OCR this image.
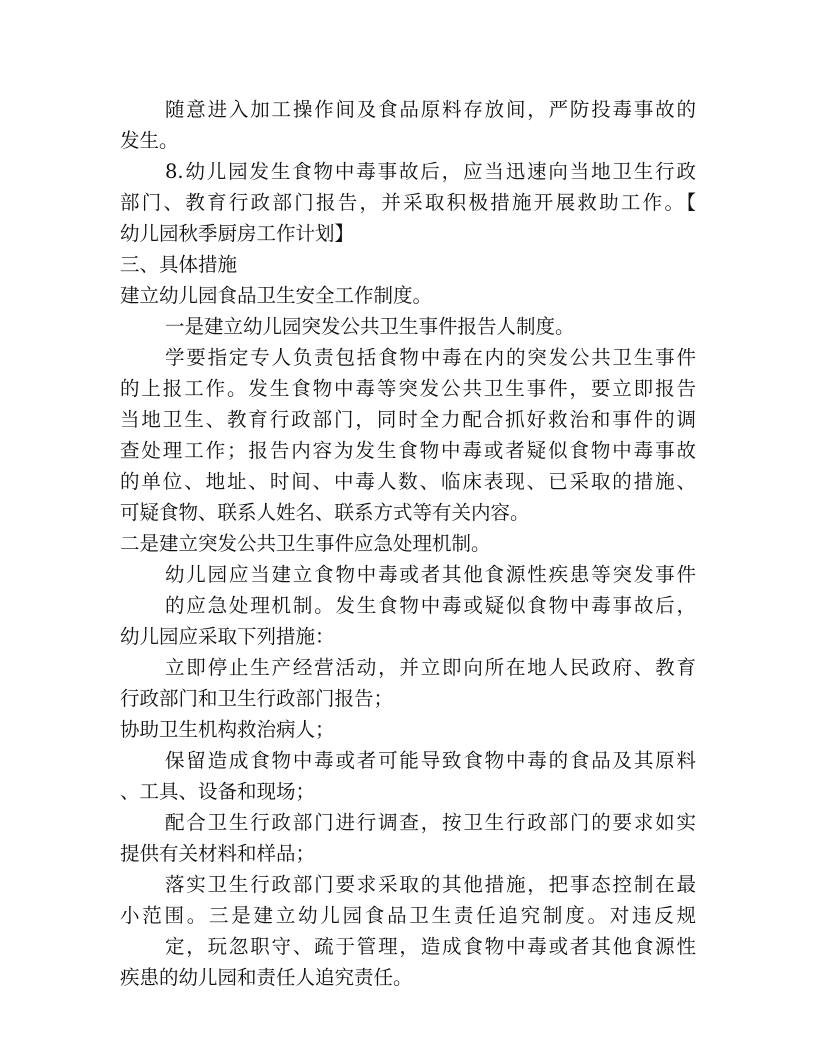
随意进入加工操作间及食品原料存放间，严防投毒事故的

发生。

8.幼儿园发生食物中毒事故后，应当迅速向当地卫生行政

部门、教育行政部门报告，并采取积极措施开展救助工作。【

幼儿园秋季厨房工作计划】

三、具体措施

建立幼儿园食品卫生安全工作制度。

一是建立幼儿园突发公共卫生事件报告人制度。

学要指定专人负责包括食物中毒在内的突发公共卫生事件

的上报工作。发生食物中毒等突发公共卫生事件，要立即报告

当地卫生、教育行政部门，同时全力配合抓好救治和事件的调

查处理工作；报告内容为发生食物中毒或者疑似食物中毒事故

的单位、地址、时间、中毒人数、临床表现、已采取的措施、

可疑食物、联系人姓名、联系方式等有关内容。

二是建立突发公共卫生事件应急处理机制。

幼儿园应当建立食物中毒或者其他食源性疾患等突发事件

的应急处理机制。发生食物中毒或疑似食物中毒事故后，

幼儿园应采取下列措施：

立即停止生产经营活动，并立即向所在地人民政府、教育

行政部门和卫生行政部门报告；

协助卫生机构救治病人；

保留造成食物中毒或者可能导致食物中毒的食品及其原料

、工具、设备和现场；

配合卫生行政部门进行调查，按卫生行政部门的要求如实

提供有关材料和样品；

落实卫生行政部门要求采取的其他措施，把事态控制在最

小范围。三是建立幼儿园食品卫生责任追究制度。对违反规

定，玩忽职守、疏于管理，造成食物中毒或者其他食源性

疾患的幼儿园和责任人追究责任。
